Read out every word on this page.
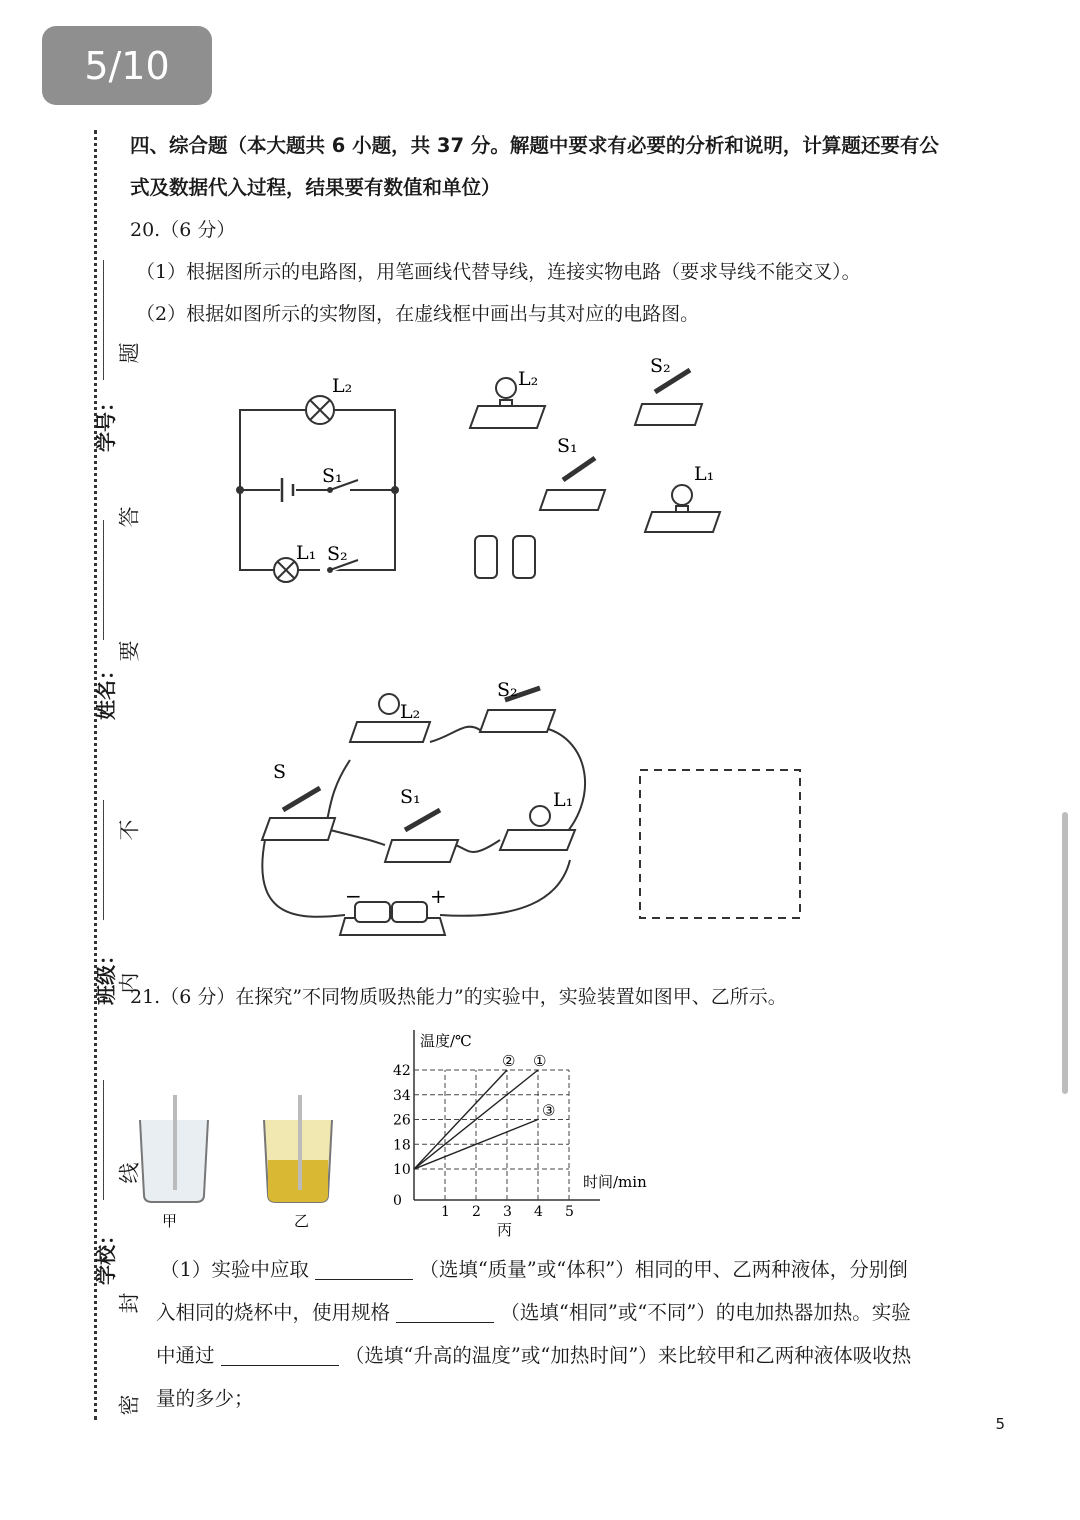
5/10
学号：
姓名：
班级：
学校：
题
答
要
不
内
线
封
密

四、综合题（本大题共 6 小题，共 37 分。解题中要求有必要的分析和说明，计算题还要有公
式及数据代入过程，结果要有数值和单位）

20.（6 分）

（1）根据图所示的电路图，用笔画线代替导线，连接实物电路（要求导线不能交叉）。

（2）根据如图所示的实物图，在虚线框中画出与其对应的电路图。

L₂
S₁
L₁ S₂
L₂
S₂
S₁
L₁
L₂
S₂
S
S₁	L₁
−	+

21.（6 分）在探究”不同物质吸热能力”的实验中，实验装置如图甲、乙所示。

甲	乙
温度/℃
时间/min
丙
0
10
18
26
34
42
1 2 3 4 5
①
②
③

（1）实验中应取	（选填“质量”或“体积”）相同的甲、乙两种液体，分别倒

入相同的烧杯中，使用规格	（选填“相同”或“不同”）的电加热器加热。实验

中通过	（选填“升高的温度”或“加热时间”）来比较甲和乙两种液体吸收热

量的多少；

5
